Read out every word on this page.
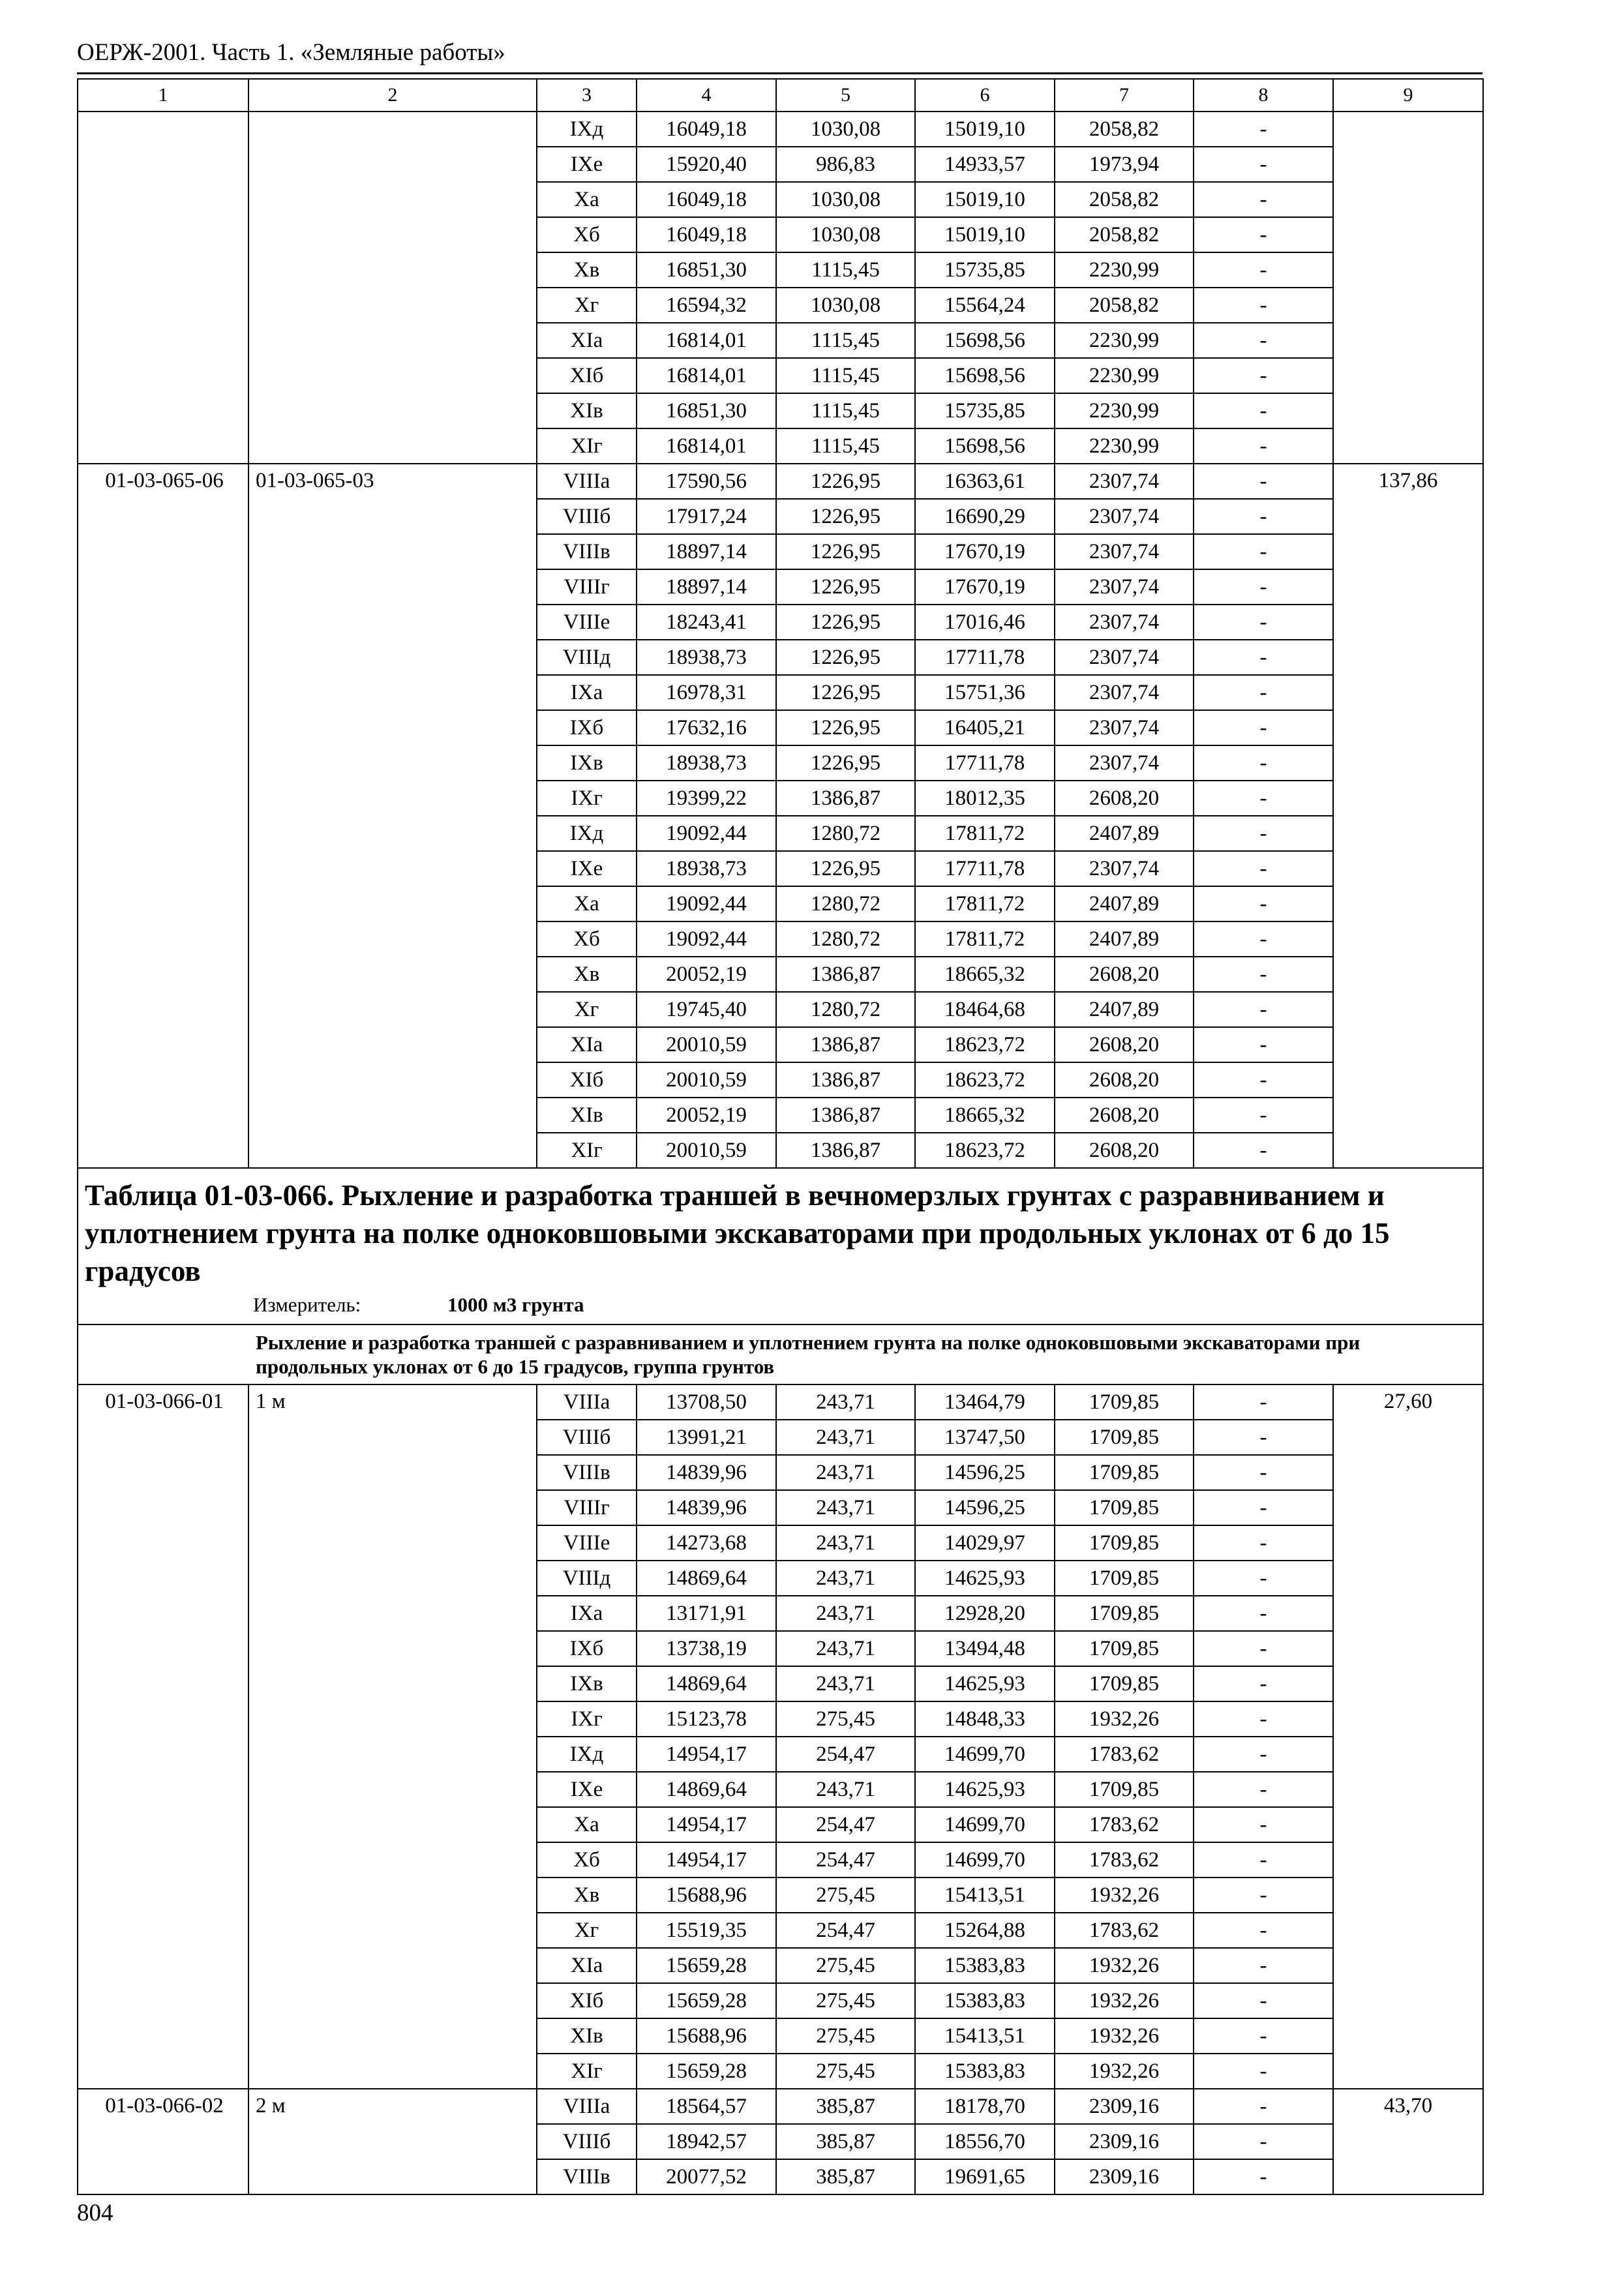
ОЕРЖ-2001. Часть 1. «Земляные работы»
1	2	3	4	5	6	7	8	9
		IXд	16049,18	1030,08	15019,10	2058,82	-	
		IXе	15920,40	986,83	14933,57	1973,94	-	
		Xа	16049,18	1030,08	15019,10	2058,82	-	
		Xб	16049,18	1030,08	15019,10	2058,82	-	
		Xв	16851,30	1115,45	15735,85	2230,99	-	
		Xг	16594,32	1030,08	15564,24	2058,82	-	
		XIа	16814,01	1115,45	15698,56	2230,99	-	
		XIб	16814,01	1115,45	15698,56	2230,99	-	
		XIв	16851,30	1115,45	15735,85	2230,99	-	
		XIг	16814,01	1115,45	15698,56	2230,99	-	
01-03-065-06	01-03-065-03	VIIIа	17590,56	1226,95	16363,61	2307,74	-	137,86
		VIIIб	17917,24	1226,95	16690,29	2307,74	-	
		VIIIв	18897,14	1226,95	17670,19	2307,74	-	
		VIIIг	18897,14	1226,95	17670,19	2307,74	-	
		VIIIе	18243,41	1226,95	17016,46	2307,74	-	
		VIIIд	18938,73	1226,95	17711,78	2307,74	-	
		IXа	16978,31	1226,95	15751,36	2307,74	-	
		IXб	17632,16	1226,95	16405,21	2307,74	-	
		IXв	18938,73	1226,95	17711,78	2307,74	-	
		IXг	19399,22	1386,87	18012,35	2608,20	-	
		IXд	19092,44	1280,72	17811,72	2407,89	-	
		IXе	18938,73	1226,95	17711,78	2307,74	-	
		Xа	19092,44	1280,72	17811,72	2407,89	-	
		Xб	19092,44	1280,72	17811,72	2407,89	-	
		Xв	20052,19	1386,87	18665,32	2608,20	-	
		Xг	19745,40	1280,72	18464,68	2407,89	-	
		XIа	20010,59	1386,87	18623,72	2608,20	-	
		XIб	20010,59	1386,87	18623,72	2608,20	-	
		XIв	20052,19	1386,87	18665,32	2608,20	-	
		XIг	20010,59	1386,87	18623,72	2608,20	-	

Таблица 01-03-066. Рыхление и разработка траншей в вечномерзлых грунтах с разравниванием и уплотнением грунта на полке одноковшовыми экскаваторами при продольных уклонах от 6 до 15 градусов
Измеритель: 1000 м3 грунта								

Рыхление и разработка траншей с разравниванием и уплотнением грунта на полке одноковшовыми экскаваторами при продольных уклонах от 6 до 15 градусов, группа грунтов								

01-03-066-01	1 м	VIIIа	13708,50	243,71	13464,79	1709,85	-	27,60
		VIIIб	13991,21	243,71	13747,50	1709,85	-	
		VIIIв	14839,96	243,71	14596,25	1709,85	-	
		VIIIг	14839,96	243,71	14596,25	1709,85	-	
		VIIIе	14273,68	243,71	14029,97	1709,85	-	
		VIIIд	14869,64	243,71	14625,93	1709,85	-	
		IXа	13171,91	243,71	12928,20	1709,85	-	
		IXб	13738,19	243,71	13494,48	1709,85	-	
		IXв	14869,64	243,71	14625,93	1709,85	-	
		IXг	15123,78	275,45	14848,33	1932,26	-	
		IXд	14954,17	254,47	14699,70	1783,62	-	
		IXе	14869,64	243,71	14625,93	1709,85	-	
		Xа	14954,17	254,47	14699,70	1783,62	-	
		Xб	14954,17	254,47	14699,70	1783,62	-	
		Xв	15688,96	275,45	15413,51	1932,26	-	
		Xг	15519,35	254,47	15264,88	1783,62	-	
		XIа	15659,28	275,45	15383,83	1932,26	-	
		XIб	15659,28	275,45	15383,83	1932,26	-	
		XIв	15688,96	275,45	15413,51	1932,26	-	
		XIг	15659,28	275,45	15383,83	1932,26	-	
01-03-066-02	2 м	VIIIа	18564,57	385,87	18178,70	2309,16	-	43,70
		VIIIб	18942,57	385,87	18556,70	2309,16	-	
		VIIIв	20077,52	385,87	19691,65	2309,16	-	
804
